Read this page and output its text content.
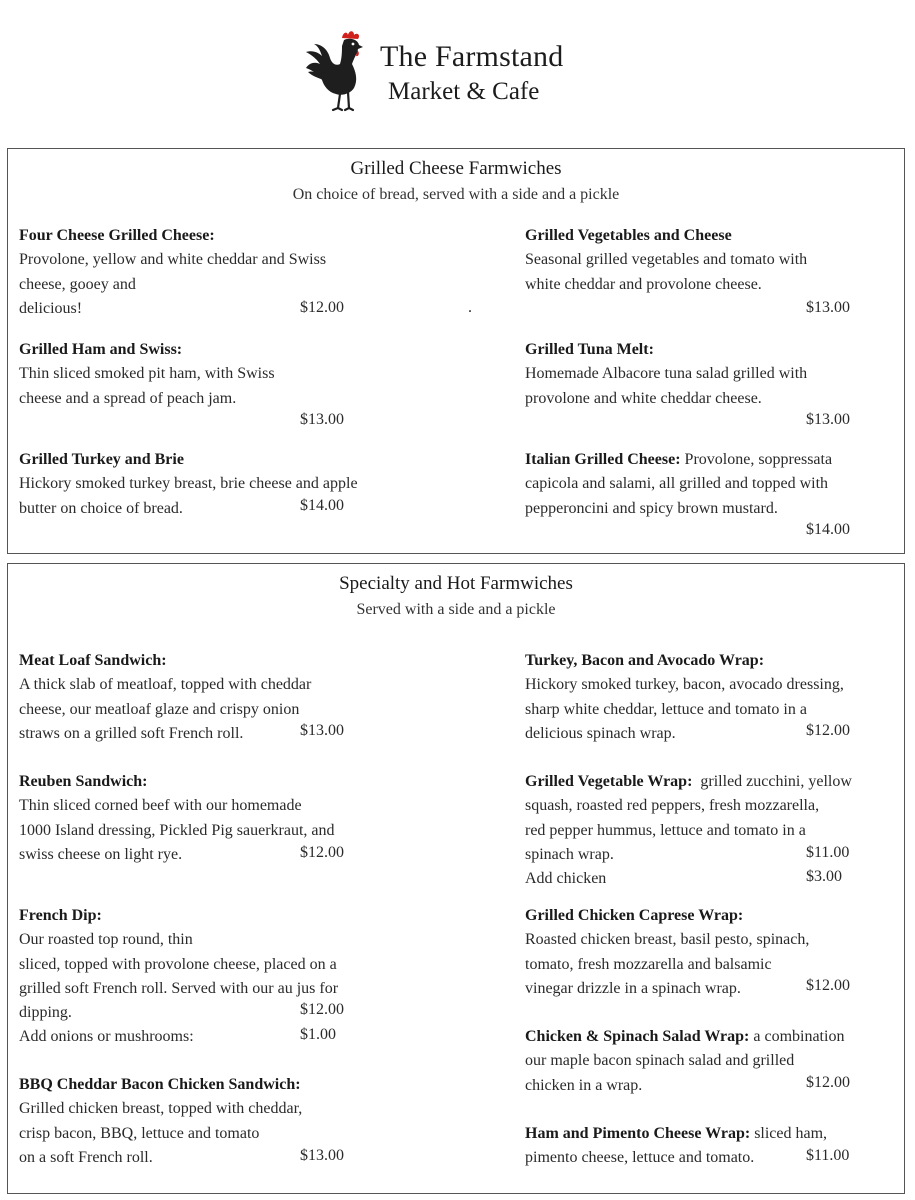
The Farmstand
Market & Cafe
Grilled Cheese Farmwiches
On choice of bread, served with a side and a pickle
Four Cheese Grilled Cheese:
Provolone, yellow and white cheddar and Swiss
cheese, gooey and
delicious!	$12.00	.
Grilled Ham and Swiss:
Thin sliced smoked pit ham, with Swiss
cheese and a spread of peach jam.
$13.00
Grilled Turkey and Brie
Hickory smoked turkey breast, brie cheese and apple
butter on choice of bread.	$14.00
Grilled Vegetables and Cheese
Seasonal grilled vegetables and tomato with
white cheddar and provolone cheese.
$13.00
Grilled Tuna Melt:
Homemade Albacore tuna salad grilled with
provolone and white cheddar cheese.
$13.00
Italian Grilled Cheese: Provolone, soppressata
capicola and salami, all grilled and topped with
pepperoncini and spicy brown mustard.
$14.00
Specialty and Hot Farmwiches
Served with a side and a pickle
Meat Loaf Sandwich:
A thick slab of meatloaf, topped with cheddar
cheese, our meatloaf glaze and crispy onion
straws on a grilled soft French roll.	$13.00
Reuben Sandwich:
Thin sliced corned beef with our homemade
1000 Island dressing, Pickled Pig sauerkraut, and
swiss cheese on light rye.	$12.00
French Dip:
Our roasted top round, thin
sliced, topped with provolone cheese, placed on a
grilled soft French roll. Served with our au jus for
dipping.
Add onions or mushrooms:
$12.00
$1.00
BBQ Cheddar Bacon Chicken Sandwich:
Grilled chicken breast, topped with cheddar,
crisp bacon, BBQ, lettuce and tomato
on a soft French roll.	$13.00
Turkey, Bacon and Avocado Wrap:
Hickory smoked turkey, bacon, avocado dressing,
sharp white cheddar, lettuce and tomato in a
delicious spinach wrap.	$12.00
Grilled Vegetable Wrap:  grilled zucchini, yellow
squash, roasted red peppers, fresh mozzarella,
red pepper hummus, lettuce and tomato in a
spinach wrap.
Add chicken
$11.00
$3.00
Grilled Chicken Caprese Wrap:
Roasted chicken breast, basil pesto, spinach,
tomato, fresh mozzarella and balsamic
vinegar drizzle in a spinach wrap.	$12.00
Chicken & Spinach Salad Wrap: a combination
our maple bacon spinach salad and grilled
chicken in a wrap.	$12.00
Ham and Pimento Cheese Wrap: sliced ham,
pimento cheese, lettuce and tomato.	$11.00
